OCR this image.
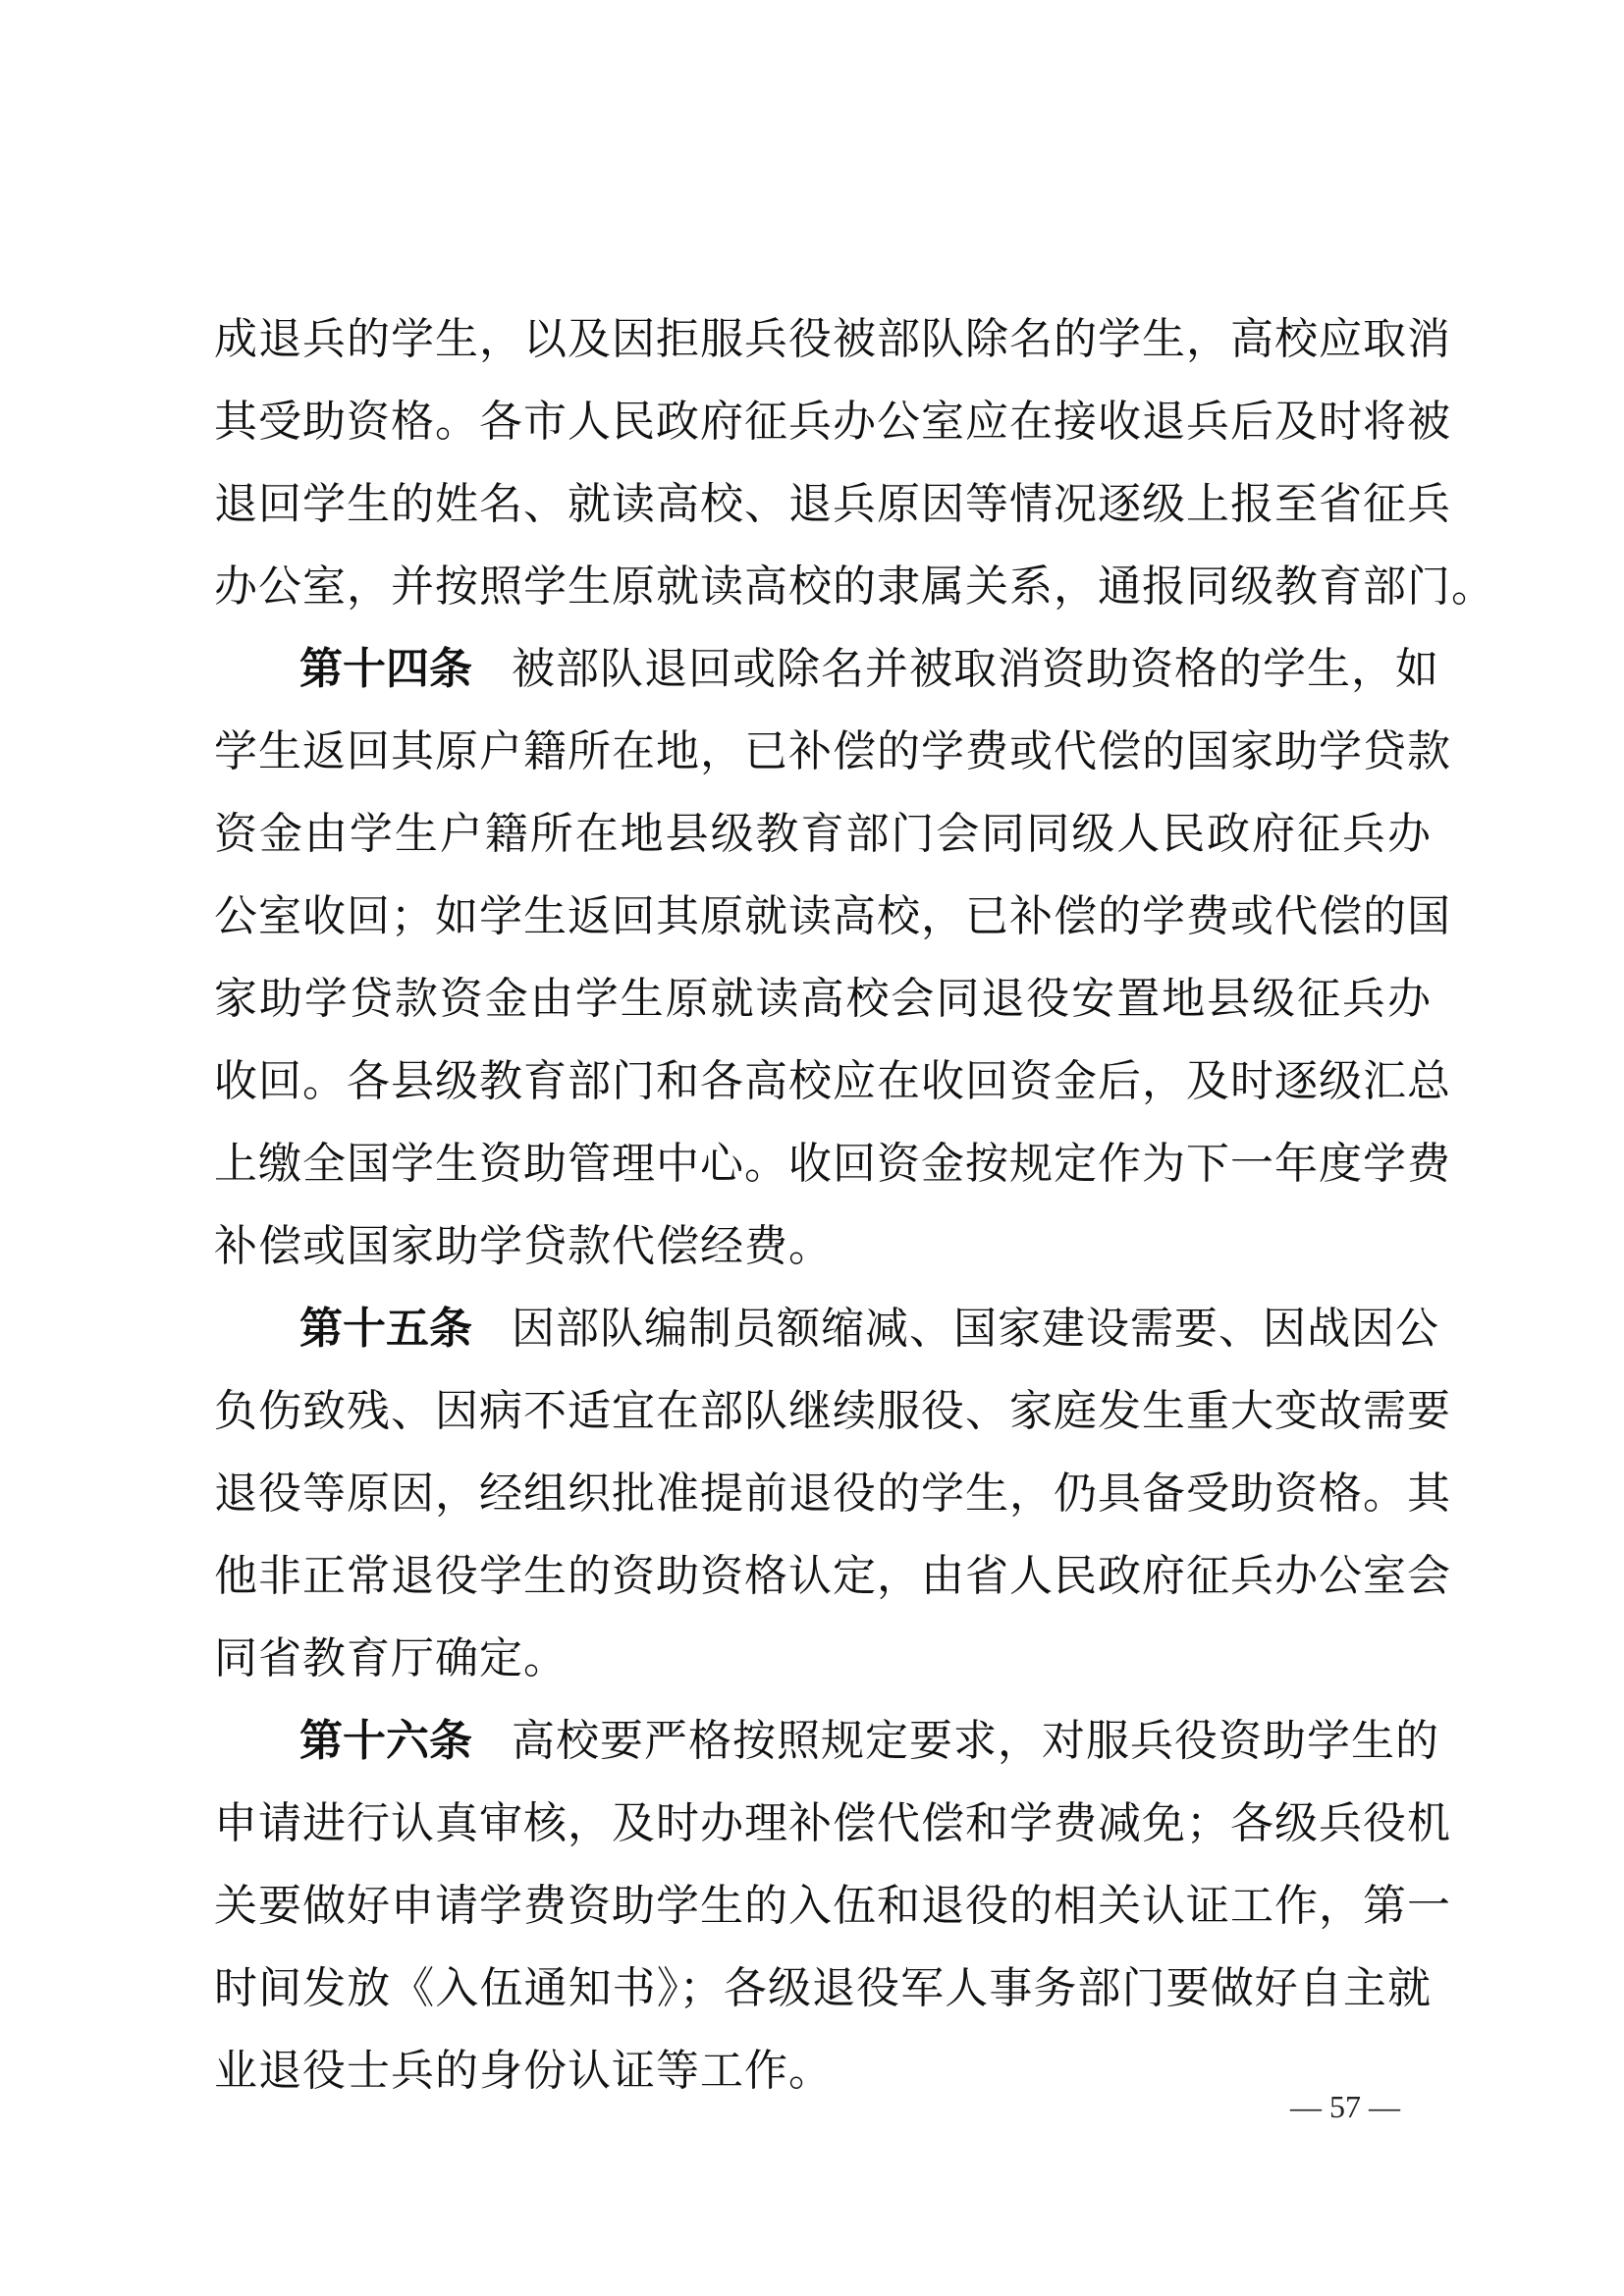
成退兵的学生，以及因拒服兵役被部队除名的学生，高校应取消
其受助资格。各市人民政府征兵办公室应在接收退兵后及时将被
退回学生的姓名、就读高校、退兵原因等情况逐级上报至省征兵
办公室，并按照学生原就读高校的隶属关系，通报同级教育部门。
第十四条 被部队退回或除名并被取消资助资格的学生，如
学生返回其原户籍所在地，已补偿的学费或代偿的国家助学贷款
资金由学生户籍所在地县级教育部门会同同级人民政府征兵办
公室收回；如学生返回其原就读高校，已补偿的学费或代偿的国
家助学贷款资金由学生原就读高校会同退役安置地县级征兵办
收回。各县级教育部门和各高校应在收回资金后，及时逐级汇总
上缴全国学生资助管理中心。收回资金按规定作为下一年度学费
补偿或国家助学贷款代偿经费。
第十五条 因部队编制员额缩减、国家建设需要、因战因公
负伤致残、因病不适宜在部队继续服役、家庭发生重大变故需要
退役等原因，经组织批准提前退役的学生，仍具备受助资格。其
他非正常退役学生的资助资格认定，由省人民政府征兵办公室会
同省教育厅确定。
第十六条 高校要严格按照规定要求，对服兵役资助学生的
申请进行认真审核，及时办理补偿代偿和学费减免；各级兵役机
关要做好申请学费资助学生的入伍和退役的相关认证工作，第一
时间发放《入伍通知书》；各级退役军人事务部门要做好自主就
业退役士兵的身份认证等工作。
— 57 —
